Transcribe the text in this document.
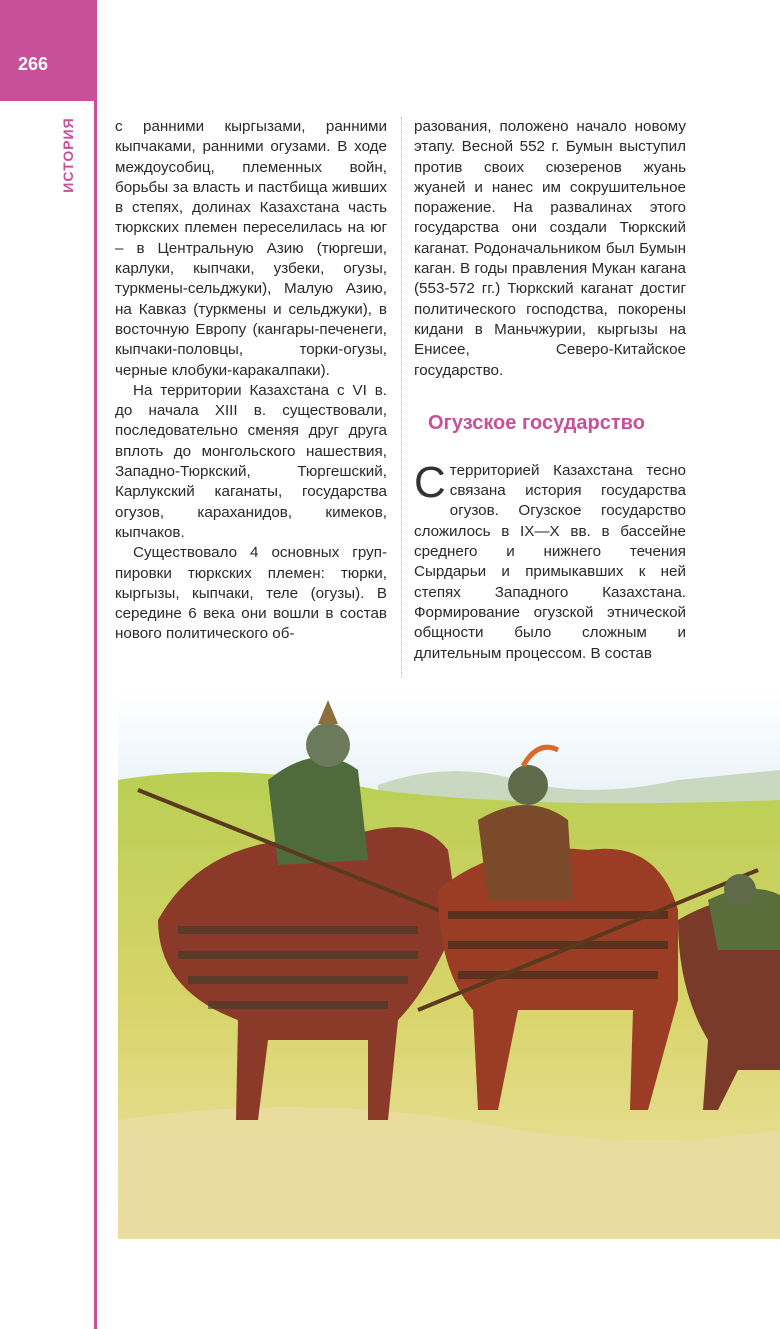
266
ИСТОРИЯ	с ранними кыргызами, ранними кыпчаками, ранними огузами. В ходе междоусобиц, племенных войн, борьбы за власть и пастбища живших в степях, долинах Казахстана часть тюркских племен переселилась на юг – в Центральную Азию (тюргеши, карлуки, кыпчаки, узбеки, огузы, туркмены-сельджуки), Малую Азию, на Кавказ (туркмены и сельджуки), в восточную Европу (кангары-печенеги, кыпчаки-половцы, торки-огузы, черные клобуки-каракалпаки).

На территории Казахстана с VI в. до начала XIII в. существовали, последовательно сменяя друг друга вплоть до монгольского нашествия, Западно-Тюркский, Тюргешский, Карлукский каганаты, государства огузов, караханидов, кимеков, кыпчаков.

Существовало 4 основных группировки тюркских племен: тюрки, кыргызы, кыпчаки, теле (огузы). В середине 6 века они вошли в состав нового политического об-

разования, положено начало новому этапу. Весной 552 г. Бумын выступил против своих сюзеренов жуань жуаней и нанес им сокрушительное поражение. На развалинах этого государства они создали Тюркский каганат. Родоначальником был Бумын каган. В годы правления Мукан кагана (553-572 гг.) Тюркский каганат достиг политического господства, покорены кидани в Маньчжурии, кыргызы на Енисее, Северо-Китайское государство.

Огузское государство

С территорией Казахстана тесно связана история государства огузов. Огузское государство сложилось в IX—X вв. в бассейне среднего и нижнего течения Сырдарьи и примыкавших к ней степях Западного Казахстана. Формирование огузской этнической общности было сложным и длительным процессом. В состав
